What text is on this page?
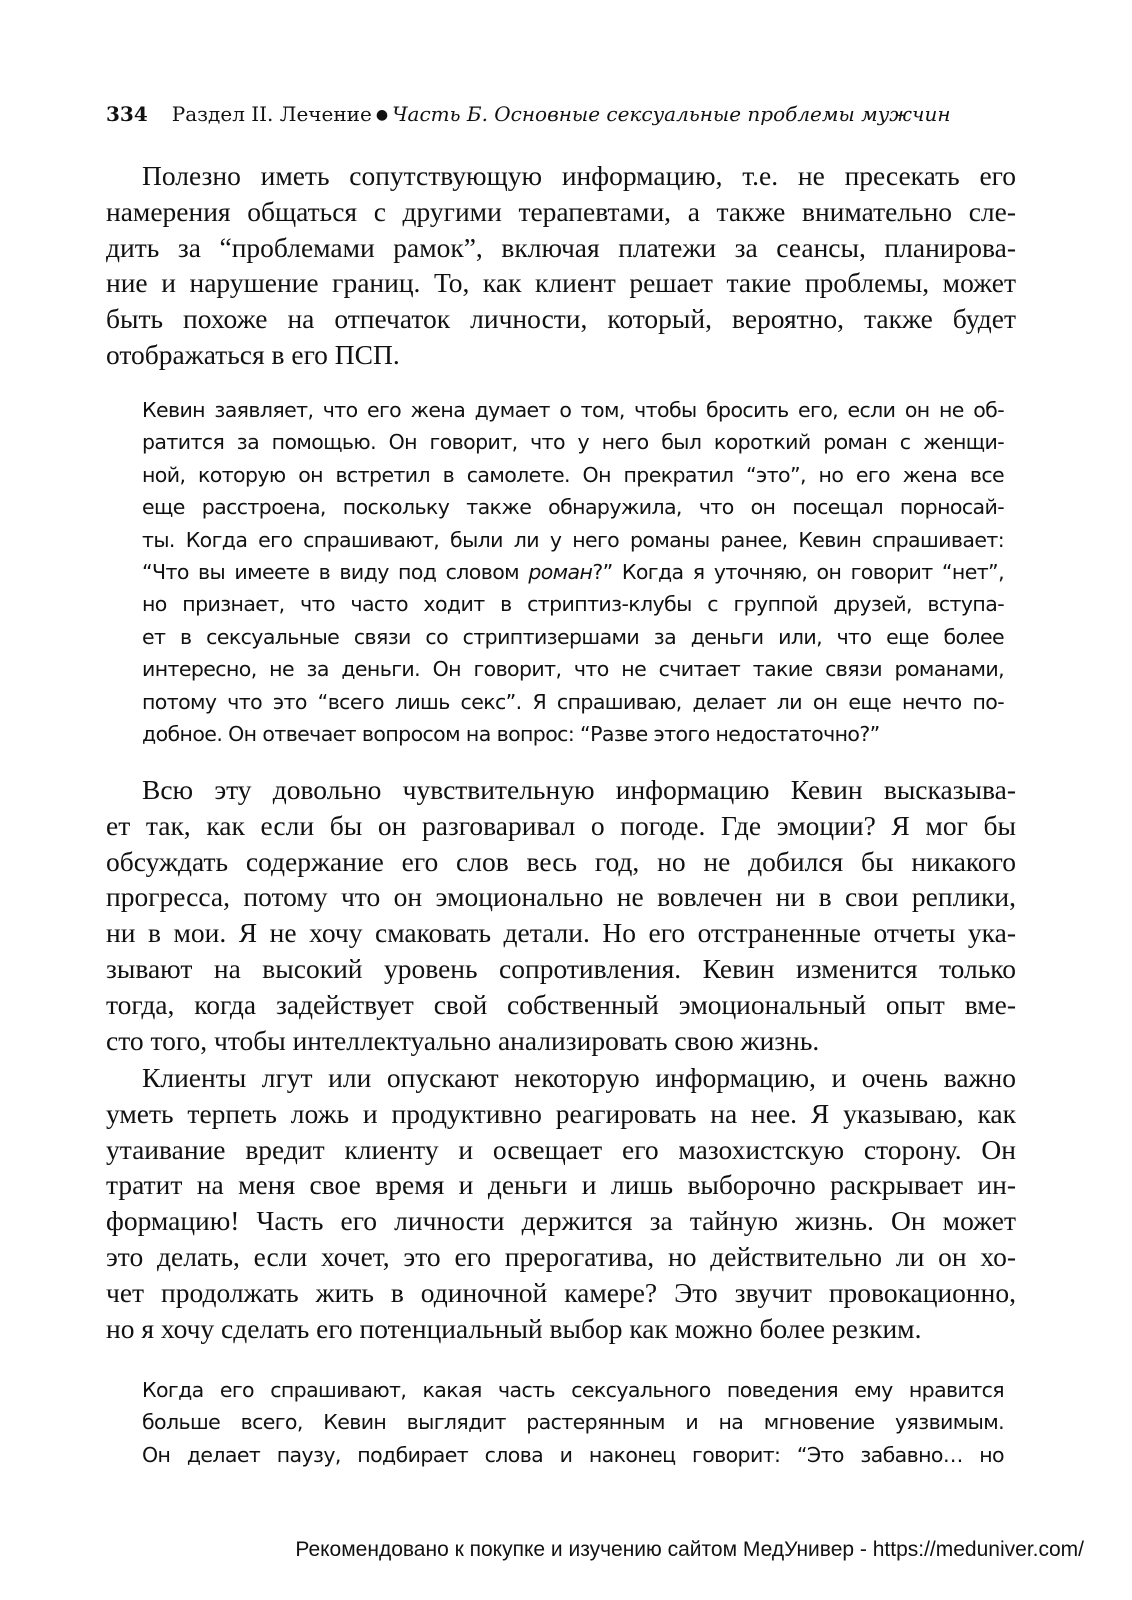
334 Раздел II. Лечение ● Часть Б. Основные сексуальные проблемы мужчин
Полезно иметь сопутствующую информацию, т.е. не пресекать его
намерения общаться с другими терапевтами, а также внимательно сле-
дить за “проблемами рамок”, включая платежи за сеансы, планирова-
ние и нарушение границ. То, как клиент решает такие проблемы, может
быть похоже на отпечаток личности, который, вероятно, также будет
отображаться в его ПСП.
Кевин заявляет, что его жена думает о том, чтобы бросить его, если он не об-
ратится за помощью. Он говорит, что у него был короткий роман с женщи-
ной, которую он встретил в самолете. Он прекратил “это”, но его жена все
еще расстроена, поскольку также обнаружила, что он посещал порносай-
ты. Когда его спрашивают, были ли у него романы ранее, Кевин спрашивает:
“Что вы имеете в виду под словом роман?” Когда я уточняю, он говорит “нет”,
но признает, что часто ходит в стриптиз-клубы с группой друзей, вступа-
ет в сексуальные связи со стриптизершами за деньги или, что еще более
интересно, не за деньги. Он говорит, что не считает такие связи романами,
потому что это “всего лишь секс”. Я спрашиваю, делает ли он еще нечто по-
добное. Он отвечает вопросом на вопрос: “Разве этого недостаточно?”
Всю эту довольно чувствительную информацию Кевин высказыва-
ет так, как если бы он разговаривал о погоде. Где эмоции? Я мог бы
обсуждать содержание его слов весь год, но не добился бы никакого
прогресса, потому что он эмоционально не вовлечен ни в свои реплики,
ни в мои. Я не хочу смаковать детали. Но его отстраненные отчеты ука-
зывают на высокий уровень сопротивления. Кевин изменится только
тогда, когда задействует свой собственный эмоциональный опыт вме-
сто того, чтобы интеллектуально анализировать свою жизнь.
Клиенты лгут или опускают некоторую информацию, и очень важно
уметь терпеть ложь и продуктивно реагировать на нее. Я указываю, как
утаивание вредит клиенту и освещает его мазохистскую сторону. Он
тратит на меня свое время и деньги и лишь выборочно раскрывает ин-
формацию! Часть его личности держится за тайную жизнь. Он может
это делать, если хочет, это его прерогатива, но действительно ли он хо-
чет продолжать жить в одиночной камере? Это звучит провокационно,
но я хочу сделать его потенциальный выбор как можно более резким.
Когда его спрашивают, какая часть сексуального поведения ему нравится
больше всего, Кевин выглядит растерянным и на мгновение уязвимым.
Он делает паузу, подбирает слова и наконец говорит: “Это забавно… но
Рекомендовано к покупке и изучению сайтом МедУнивер - https://meduniver.com/
